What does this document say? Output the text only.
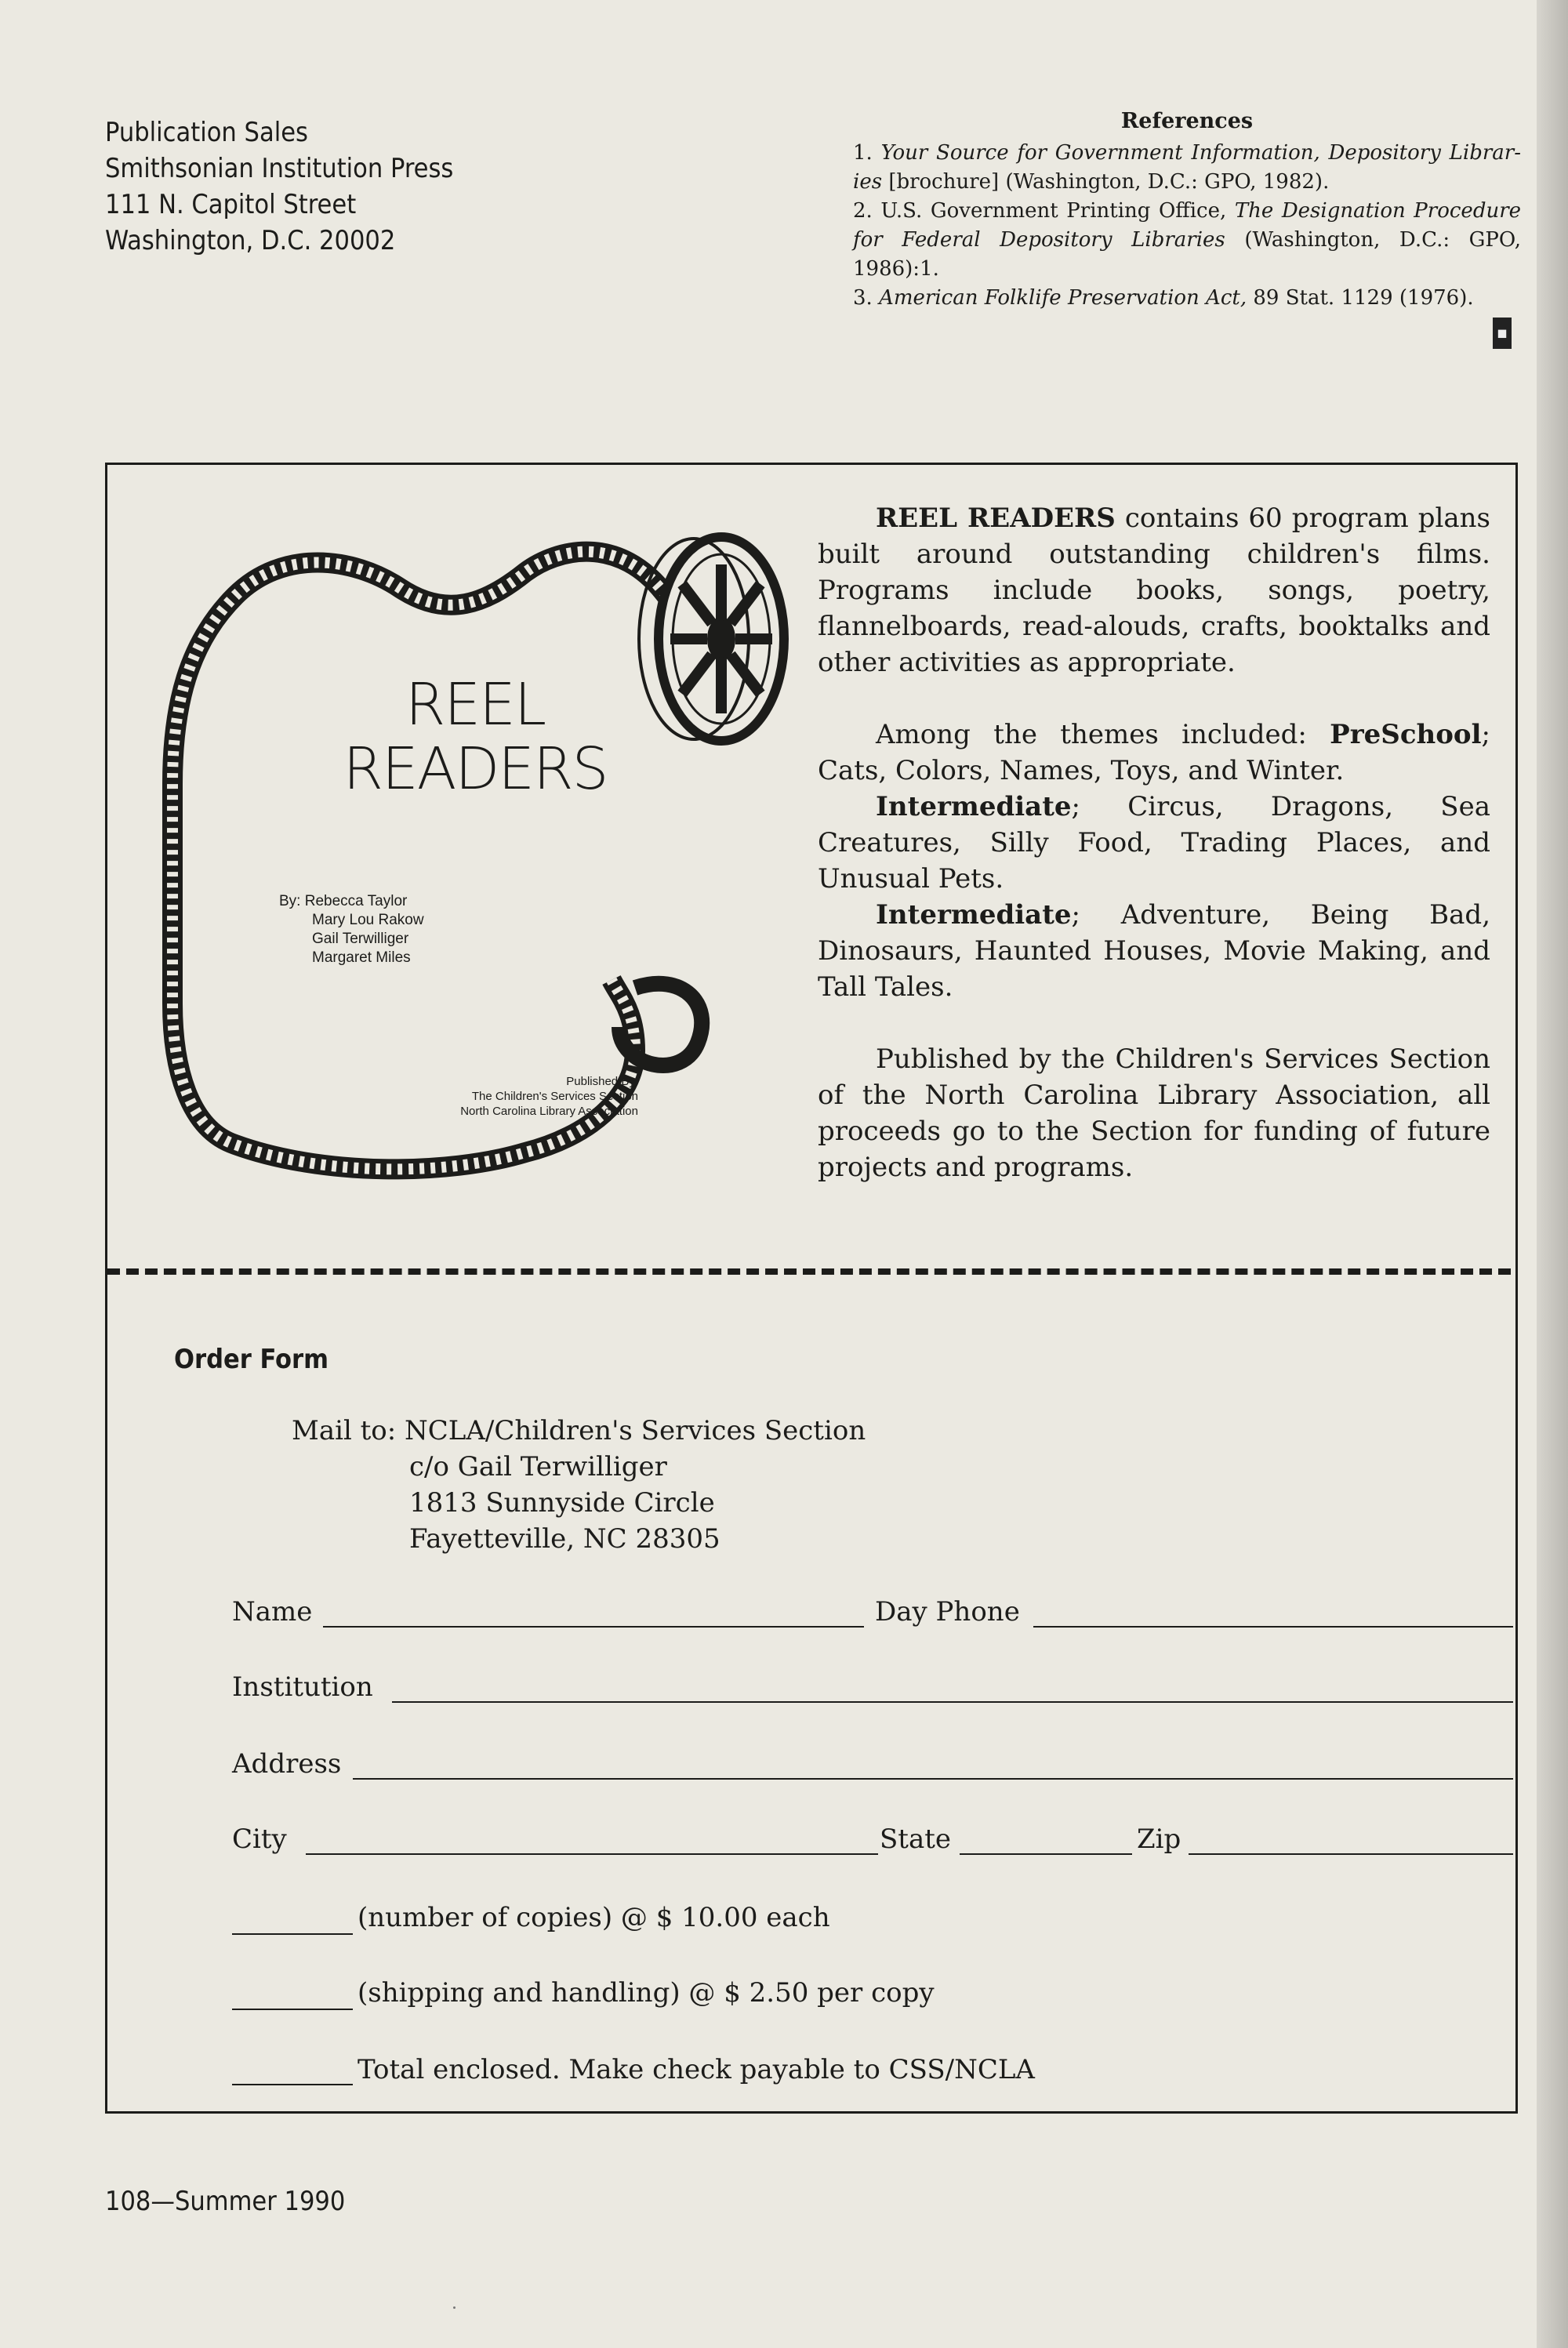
Publication Sales
Smithsonian Institution Press
111 N. Capitol Street
Washington, D.C. 20002
References
1. Your Source for Government Information, Depository Librar-ies [brochure] (Washington, D.C.: GPO, 1982).
2. U.S. Government Printing Office, The Designation Procedure for Federal Depository Libraries (Washington, D.C.: GPO, 1986):1.
3. American Folklife Preservation Act, 89 Stat. 1129 (1976).
◼
REEL
READERS
By: Rebecca Taylor
Mary Lou Rakow
Gail Terwilliger
Margaret Miles
Published By:
The Children's Services Section
North Carolina Library Association

REEL READERS contains 60 program plans built around outstanding children's films. Programs include books, songs, poetry, flannelboards, read-alouds, crafts, booktalks and other activities as appropriate.

Among the themes included: PreSchool; Cats, Colors, Names, Toys, and Winter.

Intermediate; Circus, Dragons, Sea Creatures, Silly Food, Trading Places, and Unusual Pets.

Intermediate; Adventure, Being Bad, Dinosaurs, Haunted Houses, Movie Making, and Tall Tales.

Published by the Children's Services Section of the North Carolina Library Association, all proceeds go to the Section for funding of future projects and programs.

Order Form
Mail to: NCLA/Children's Services Section
c/o Gail Terwilliger
1813 Sunnyside Circle
Fayetteville, NC 28305
Name	Day Phone
Institution
Address
City	State	Zip
(number of copies) @ $ 10.00 each
(shipping and handling) @ $ 2.50 per copy
Total enclosed. Make check payable to CSS/NCLA
108—Summer 1990
